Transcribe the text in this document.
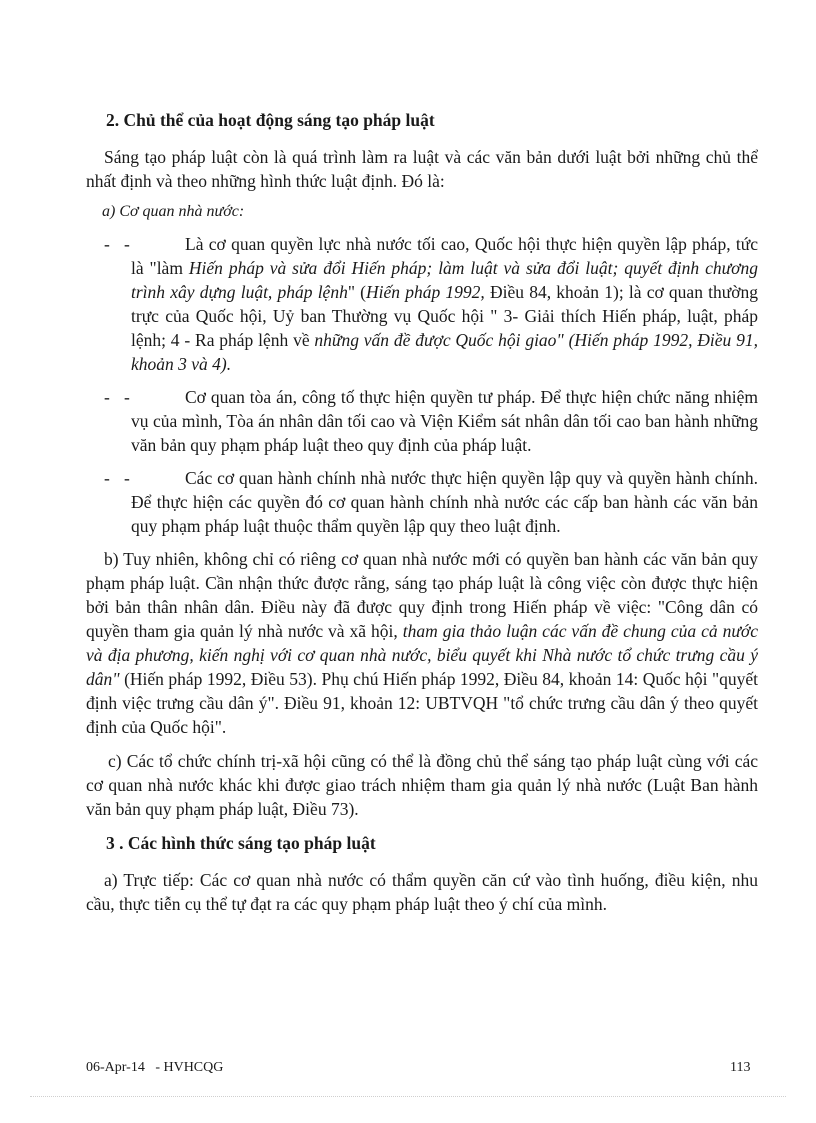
2. Chủ thể của hoạt động sáng tạo pháp luật
Sáng tạo pháp luật còn là quá trình làm ra luật và các văn bản dưới luật bởi những chủ thể nhất định và theo những hình thức luật định. Đó là:
a) Cơ quan nhà nước:
- -	Là cơ quan quyền lực nhà nước tối cao, Quốc hội thực hiện quyền lập pháp, tức là "làm Hiến pháp và sửa đổi Hiến pháp; làm luật và sửa đổi luật; quyết định chương trình xây dựng luật, pháp lệnh" (Hiến pháp 1992, Điều 84, khoản 1); là cơ quan thường trực của Quốc hội, Uỷ ban Thường vụ Quốc hội " 3- Giải thích Hiến pháp, luật, pháp lệnh; 4 - Ra pháp lệnh về những vấn đề được Quốc hội giao" (Hiến pháp 1992, Điều 91, khoản 3 và 4).
- -	Cơ quan tòa án, công tố thực hiện quyền tư pháp. Để thực hiện chức năng nhiệm vụ của mình, Tòa án nhân dân tối cao và Viện Kiểm sát nhân dân tối cao ban hành những văn bản quy phạm pháp luật theo quy định của pháp luật.
- -	Các cơ quan hành chính nhà nước thực hiện quyền lập quy và quyền hành chính. Để thực hiện các quyền đó cơ quan hành chính nhà nước các cấp ban hành các văn bản quy phạm pháp luật thuộc thẩm quyền lập quy theo luật định.
b) Tuy nhiên, không chỉ có riêng cơ quan nhà nước mới có quyền ban hành các văn bản quy phạm pháp luật. Cần nhận thức được rằng, sáng tạo pháp luật là công việc còn được thực hiện bởi bản thân nhân dân. Điều này đã được quy định trong Hiến pháp về việc: "Công dân có quyền tham gia quản lý nhà nước và xã hội, tham gia thảo luận các vấn đề chung của cả nước và địa phương, kiến nghị với cơ quan nhà nước, biểu quyết khi Nhà nước tổ chức trưng cầu ý dân" (Hiến pháp 1992, Điều 53). Phụ chú Hiến pháp 1992, Điều 84, khoản 14: Quốc hội "quyết định việc trưng cầu dân ý". Điều 91, khoản 12: UBTVQH "tổ chức trưng cầu dân ý theo quyết định của Quốc hội".
c) Các tổ chức chính trị-xã hội cũng có thể là đồng chủ thể sáng tạo pháp luật cùng với các cơ quan nhà nước khác khi được giao trách nhiệm tham gia quản lý nhà nước (Luật Ban hành văn bản quy phạm pháp luật, Điều 73).
3 . Các hình thức sáng tạo pháp luật
a) Trực tiếp: Các cơ quan nhà nước có thẩm quyền căn cứ vào tình huống, điều kiện, nhu cầu, thực tiễn cụ thể tự đạt ra các quy phạm pháp luật theo ý chí của mình.
06-Apr-14   - HVHCQG	113
